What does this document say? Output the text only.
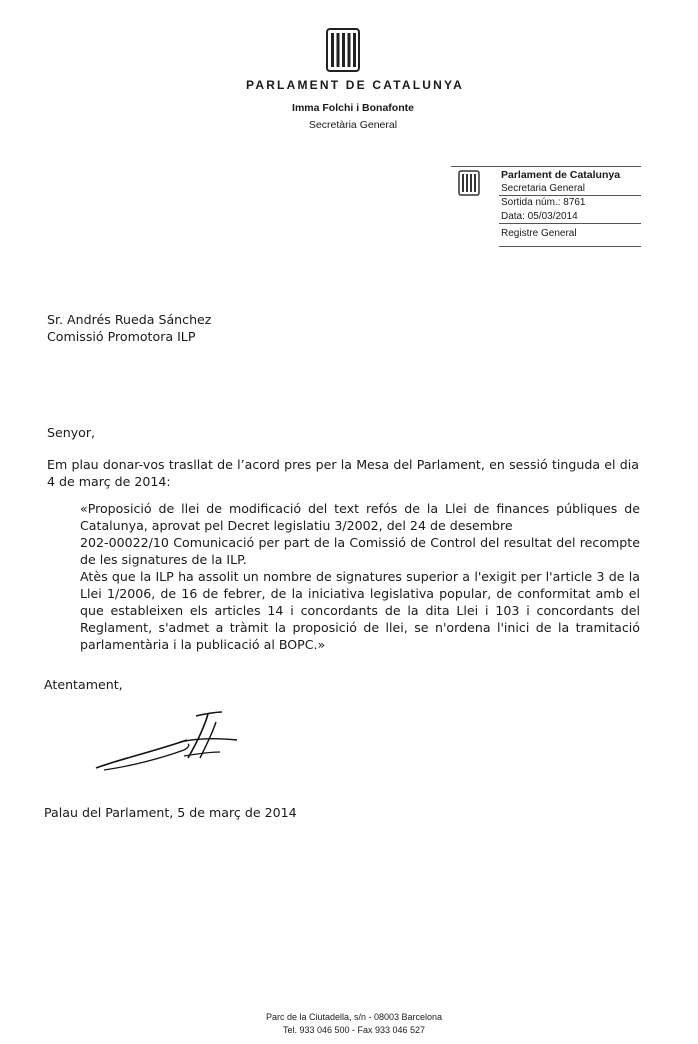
PARLAMENT DE CATALUNYA
Imma Folchi i Bonafonte
Secretària General
Parlament de Catalunya
Secretaria General
Sortida núm.: 8761
Data: 05/03/2014
Registre General
Sr. Andrés Rueda Sánchez
Comissió Promotora ILP
Senyor,
Em plau donar-vos trasllat de l’acord pres per la Mesa del Parlament, en sessió tinguda el dia 4 de març de 2014:

«Proposició de llei de modificació del text refós de la Llei de finances públiques de Catalunya, aprovat pel Decret legislatiu 3/2002, del 24 de desembre

202-00022/10 Comunicació per part de la Comissió de Control del resultat del recompte de les signatures de la ILP.

Atès que la ILP ha assolit un nombre de signatures superior a l'exigit per l'article 3 de la Llei 1/2006, de 16 de febrer, de la iniciativa legislativa popular, de conformitat amb el que estableixen els articles 14 i concordants de la dita Llei i 103 i concordants del Reglament, s'admet a tràmit la proposició de llei, se n'ordena l'inici de la tramitació parlamentària i la publicació al BOPC.»

Atentament,
Palau del Parlament, 5 de març de 2014
Parc de la Ciutadella, s/n - 08003 Barcelona
Tel. 933 046 500 - Fax 933 046 527
